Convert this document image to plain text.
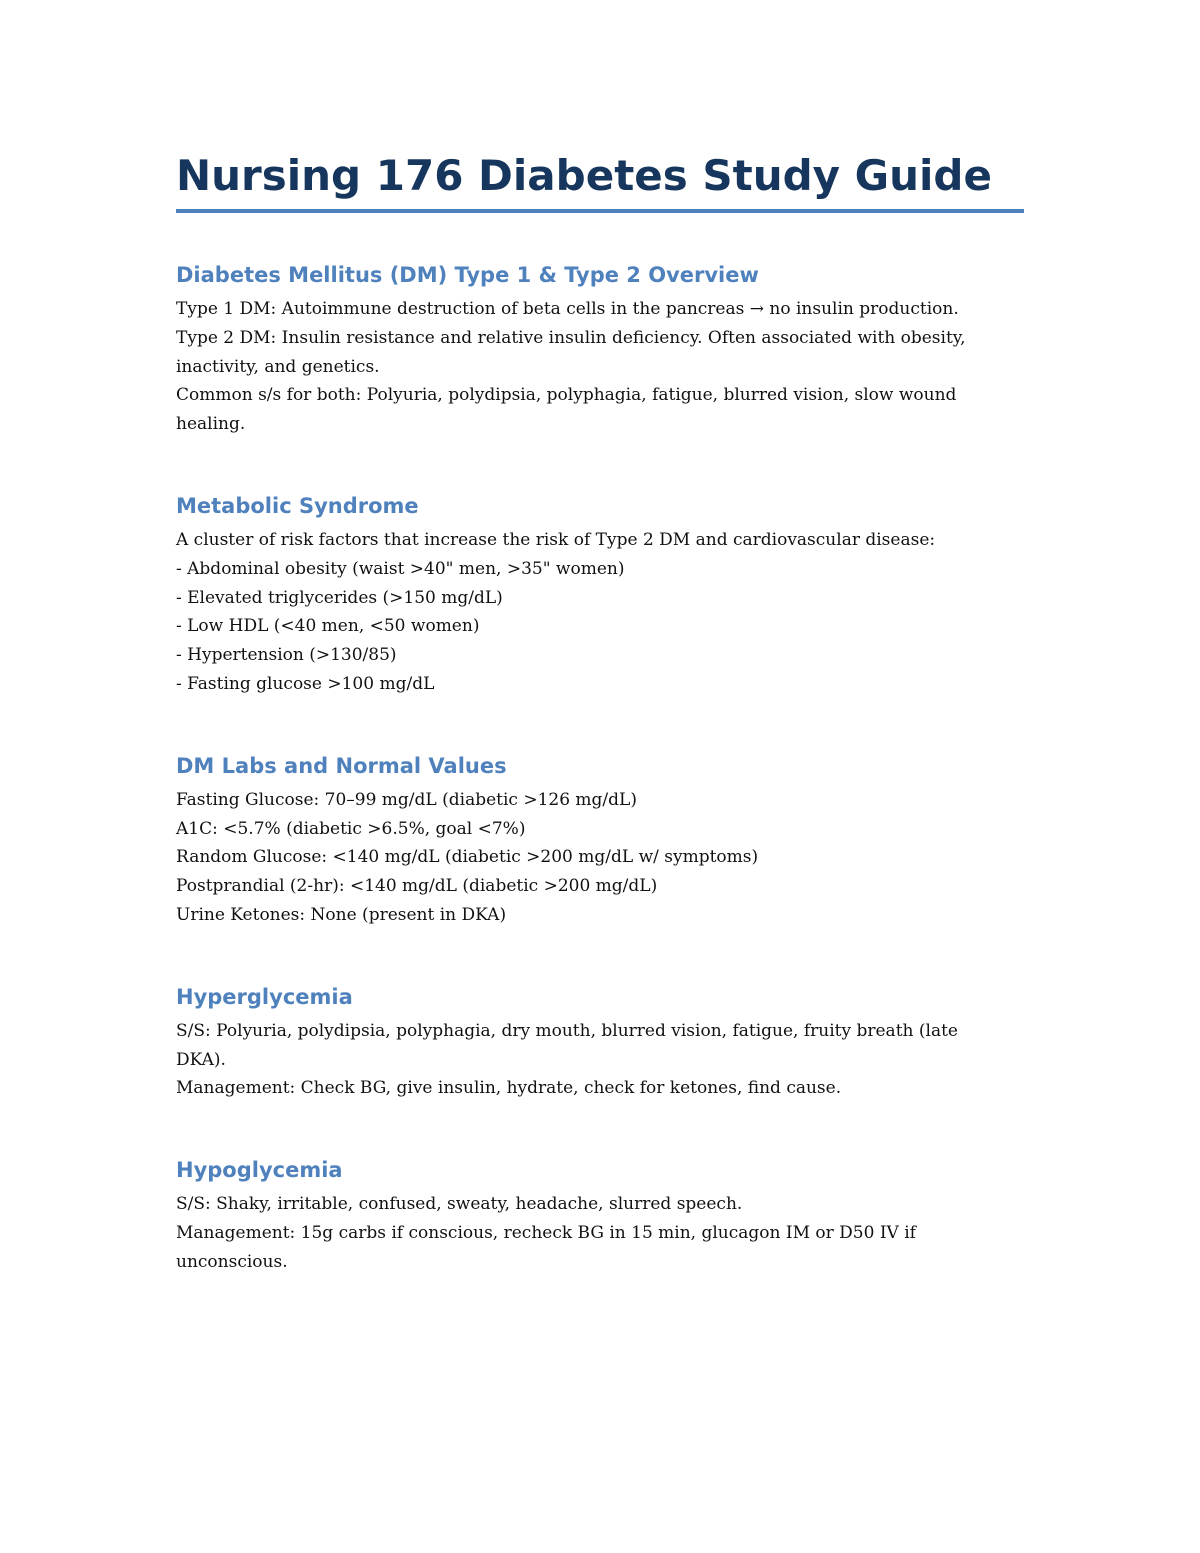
Nursing 176 Diabetes Study Guide
Diabetes Mellitus (DM) Type 1 & Type 2 Overview

Type 1 DM: Autoimmune destruction of beta cells in the pancreas → no insulin production.

Type 2 DM: Insulin resistance and relative insulin deficiency. Often associated with obesity,

inactivity, and genetics.

Common s/s for both: Polyuria, polydipsia, polyphagia, fatigue, blurred vision, slow wound

healing.

Metabolic Syndrome

A cluster of risk factors that increase the risk of Type 2 DM and cardiovascular disease:

- Abdominal obesity (waist >40" men, >35" women)

- Elevated triglycerides (>150 mg/dL)

- Low HDL (<40 men, <50 women)

- Hypertension (>130/85)

- Fasting glucose >100 mg/dL

DM Labs and Normal Values

Fasting Glucose: 70–99 mg/dL (diabetic >126 mg/dL)

A1C: <5.7% (diabetic >6.5%, goal <7%)

Random Glucose: <140 mg/dL (diabetic >200 mg/dL w/ symptoms)

Postprandial (2-hr): <140 mg/dL (diabetic >200 mg/dL)

Urine Ketones: None (present in DKA)

Hyperglycemia

S/S: Polyuria, polydipsia, polyphagia, dry mouth, blurred vision, fatigue, fruity breath (late

DKA).

Management: Check BG, give insulin, hydrate, check for ketones, find cause.

Hypoglycemia

S/S: Shaky, irritable, confused, sweaty, headache, slurred speech.

Management: 15g carbs if conscious, recheck BG in 15 min, glucagon IM or D50 IV if

unconscious.
